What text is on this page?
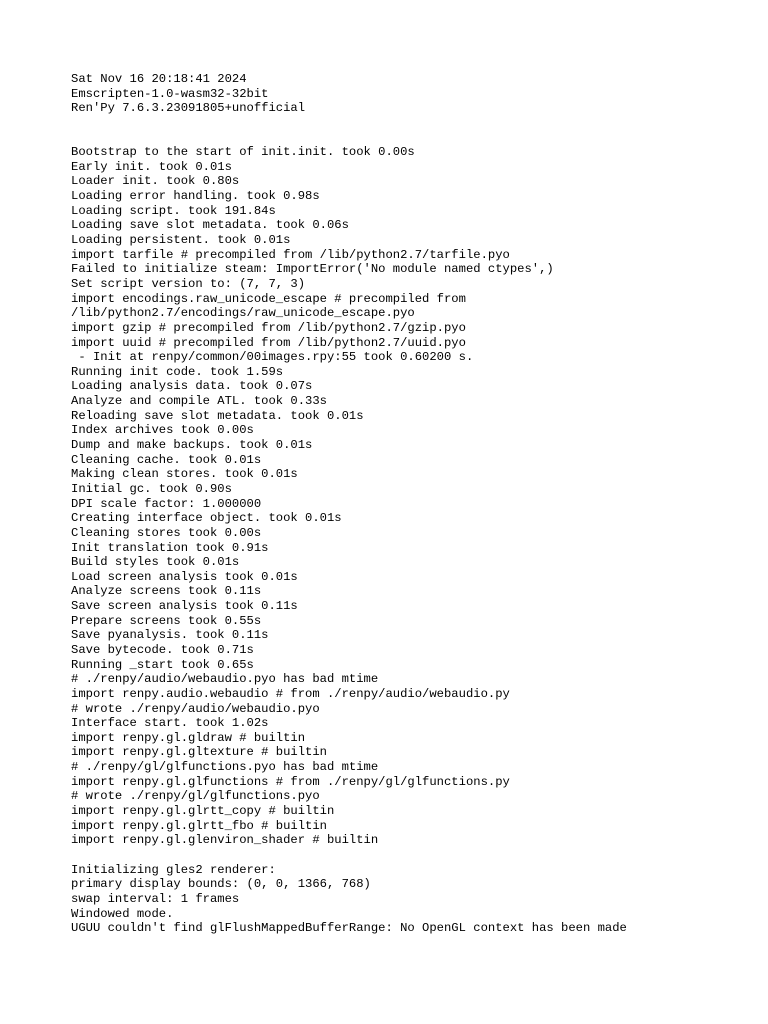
Sat Nov 16 20:18:41 2024
Emscripten-1.0-wasm32-32bit
Ren'Py 7.6.3.23091805+unofficial
Bootstrap to the start of init.init. took 0.00s
Early init. took 0.01s
Loader init. took 0.80s
Loading error handling. took 0.98s
Loading script. took 191.84s
Loading save slot metadata. took 0.06s
Loading persistent. took 0.01s
import tarfile # precompiled from /lib/python2.7/tarfile.pyo
Failed to initialize steam: ImportError('No module named ctypes',)
Set script version to: (7, 7, 3)
import encodings.raw_unicode_escape # precompiled from
/lib/python2.7/encodings/raw_unicode_escape.pyo
import gzip # precompiled from /lib/python2.7/gzip.pyo
import uuid # precompiled from /lib/python2.7/uuid.pyo
- Init at renpy/common/00images.rpy:55 took 0.60200 s.
Running init code. took 1.59s
Loading analysis data. took 0.07s
Analyze and compile ATL. took 0.33s
Reloading save slot metadata. took 0.01s
Index archives took 0.00s
Dump and make backups. took 0.01s
Cleaning cache. took 0.01s
Making clean stores. took 0.01s
Initial gc. took 0.90s
DPI scale factor: 1.000000
Creating interface object. took 0.01s
Cleaning stores took 0.00s
Init translation took 0.91s
Build styles took 0.01s
Load screen analysis took 0.01s
Analyze screens took 0.11s
Save screen analysis took 0.11s
Prepare screens took 0.55s
Save pyanalysis. took 0.11s
Save bytecode. took 0.71s
Running _start took 0.65s
# ./renpy/audio/webaudio.pyo has bad mtime
import renpy.audio.webaudio # from ./renpy/audio/webaudio.py
# wrote ./renpy/audio/webaudio.pyo
Interface start. took 1.02s
import renpy.gl.gldraw # builtin
import renpy.gl.gltexture # builtin
# ./renpy/gl/glfunctions.pyo has bad mtime
import renpy.gl.glfunctions # from ./renpy/gl/glfunctions.py
# wrote ./renpy/gl/glfunctions.pyo
import renpy.gl.glrtt_copy # builtin
import renpy.gl.glrtt_fbo # builtin
import renpy.gl.glenviron_shader # builtin
Initializing gles2 renderer:
primary display bounds: (0, 0, 1366, 768)
swap interval: 1 frames
Windowed mode.
UGUU couldn't find glFlushMappedBufferRange: No OpenGL context has been made
